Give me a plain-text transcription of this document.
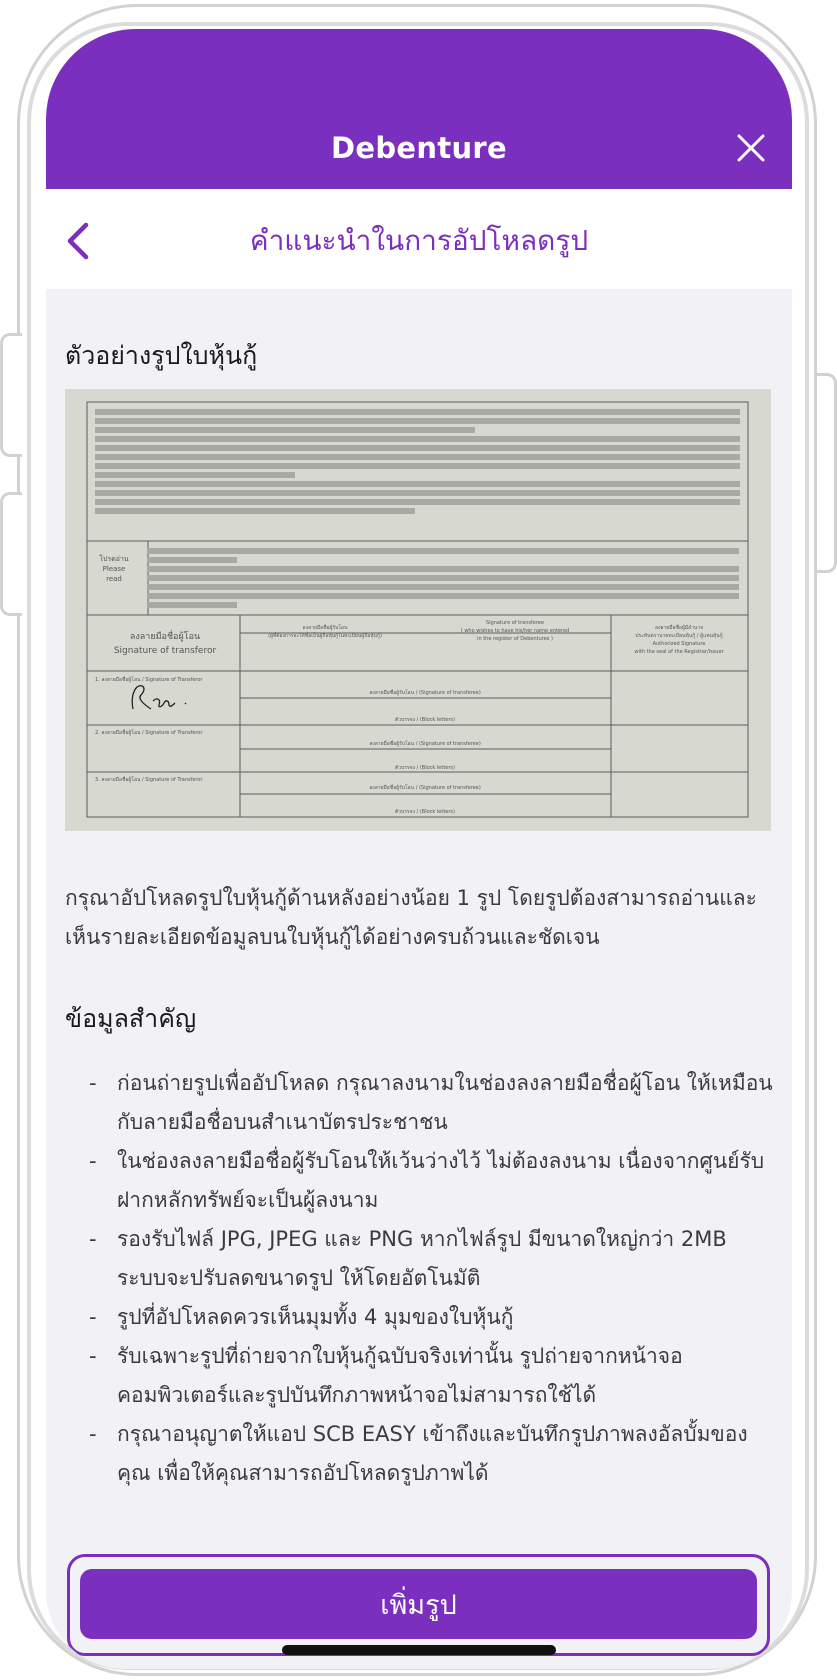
Debenture
คำแนะนำในการอัปโหลดรูป
ตัวอย่างรูปใบหุ้นกู้
โปรดอ่าน
Please
read
ลงลายมือชื่อผู้โอน
Signature of transferor
ลงลายมือชื่อผู้รับโอน
(ผู้ที่ต้องการจะให้ชื่อเป็นผู้ถือหุ้นกู้ในทะเบียนผู้ถือหุ้นกู้)
Signature of transferee
( who wishes to have his/her name entered
in the register of Debentures )
ลงลายมือชื่อผู้มีอำนาจ
ประทับตรานายทะเบียนหุ้นกู้ / ผู้แทนหุ้นกู้
Authorized Signature
with the seal of the Registrar/Issuer
1. ลงลายมือชื่อผู้โอน / Signature of Transferor
2. ลงลายมือชื่อผู้โอน / Signature of Transferor
3. ลงลายมือชื่อผู้โอน / Signature of Transferor
ลงลายมือชื่อผู้รับโอน / (Signature of transferee)
ตัวบรรจง / (Block letters)
ลงลายมือชื่อผู้รับโอน / (Signature of transferee)
ตัวบรรจง / (Block letters)
ลงลายมือชื่อผู้รับโอน / (Signature of transferee)
ตัวบรรจง / (Block letters)
กรุณาอัปโหลดรูปใบหุ้นกู้ด้านหลังอย่างน้อย 1 รูป โดยรูปต้องสามารถอ่านและเห็นรายละเอียดข้อมูลบนใบหุ้นกู้ได้อย่างครบถ้วนและชัดเจน
ข้อมูลสำคัญ
- ก่อนถ่ายรูปเพื่ออัปโหลด กรุณาลงนามในช่องลงลายมือชื่อผู้โอน ให้เหมือนกับลายมือชื่อบนสำเนาบัตรประชาชน
- ในช่องลงลายมือชื่อผู้รับโอนให้เว้นว่างไว้ ไม่ต้องลงนาม เนื่องจากศูนย์รับฝากหลักทรัพย์จะเป็นผู้ลงนาม
- รองรับไฟล์ JPG, JPEG และ PNG หากไฟล์รูป มีขนาดใหญ่กว่า 2MB ระบบจะปรับลดขนาดรูป ให้โดยอัตโนมัติ
- รูปที่อัปโหลดควรเห็นมุมทั้ง 4 มุมของใบหุ้นกู้
- รับเฉพาะรูปที่ถ่ายจากใบหุ้นกู้ฉบับจริงเท่านั้น รูปถ่ายจากหน้าจอคอมพิวเตอร์และรูปบันทึกภาพหน้าจอไม่สามารถใช้ได้
- กรุณาอนุญาตให้แอป SCB EASY เข้าถึงและบันทึกรูปภาพลงอัลบั้มของคุณ เพื่อให้คุณสามารถอัปโหลดรูปภาพได้
เพิ่มรูป
